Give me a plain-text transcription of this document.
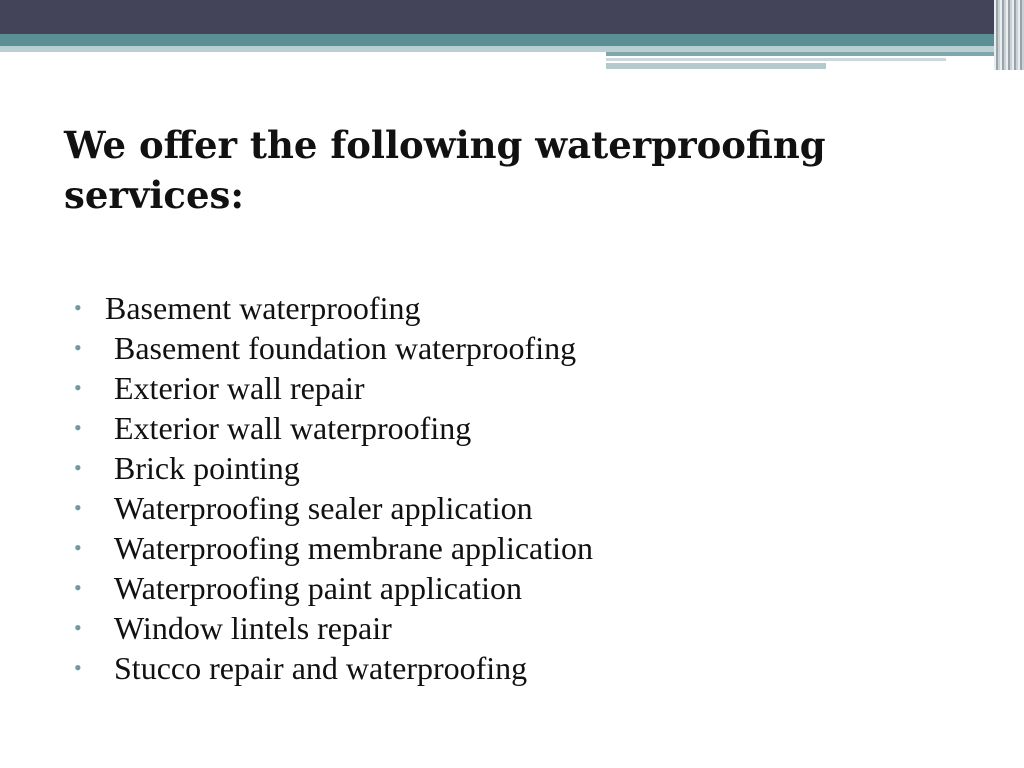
We offer the following waterproofing services:
• Basement waterproofing
• Basement foundation waterproofing
• Exterior wall repair
• Exterior wall waterproofing
• Brick pointing
• Waterproofing sealer application
• Waterproofing membrane application
• Waterproofing paint application
• Window lintels repair
• Stucco repair and waterproofing
